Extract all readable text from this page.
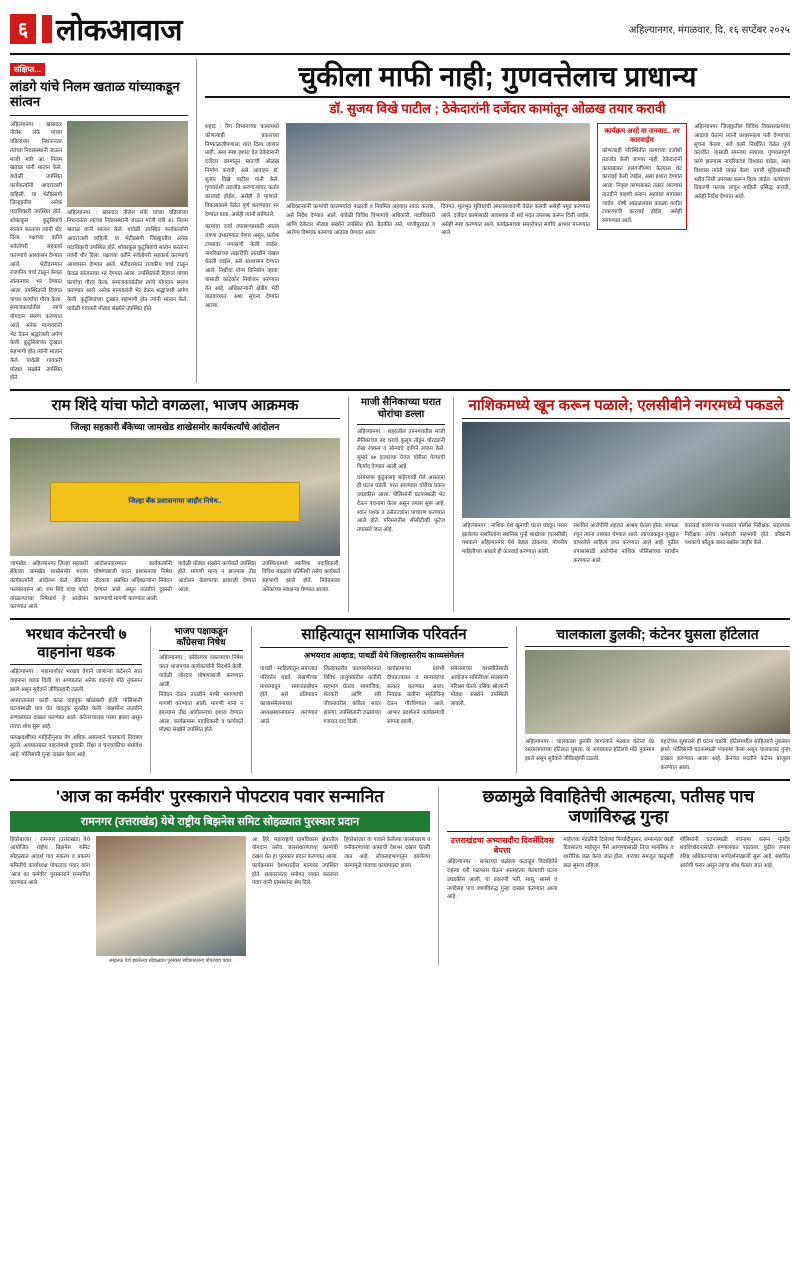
६ लोकआवाज	अहिल्यानगर, मंगळवार, दि. १६ सप्टेंबर २०२५
संक्षिप्त...
लांडगे यांचे निलम खताळ यांच्याकडून सांत्वन
अहिल्यानगर : खासदार नीलेश लंके यांच्या वडिलांच्या निधनानंतर त्यांच्या निवासस्थानी जाऊन माजी मंत्री आ. निलम खताळ यांनी सांत्वन केले. यावेळी उपस्थित कार्यकर्त्यांनी आदरांजली वाहिली. या भेटीप्रसंगी जिल्ह्यातील अनेक पदाधिकारी उपस्थित होते. शोकाकुल कुटुंबियांचे सांत्वन करताना त्यांनी धीर दिला. पक्षाच्या वतीने सर्वतोपरी सहकार्य करण्याचे आश्वासन देण्यात आले. भेटीदरम्यान राजकीय चर्चा टाळून केवळ सांत्वनावर भर देण्यात आला. उपस्थितांनी दिवंगत यांच्या कार्याचा गौरव केला. समाजकार्यातील त्यांचे योगदान स्मरण करण्यात आले. अनेक मान्यवरांनी भेट देऊन श्रद्धांजली अर्पण केली. कुटुंबियांच्या दुःखात सहभागी होत त्यांनी सांत्वन केले. यावेळी गावकरी मोठ्या संख्येने उपस्थित होते.
अहिल्यानगर : खासदार नीलेश लंके यांच्या वडिलांच्या निधनानंतर त्यांच्या निवासस्थानी जाऊन माजी मंत्री आ. निलम खताळ यांनी सांत्वन केले. यावेळी उपस्थित कार्यकर्त्यांनी आदरांजली वाहिली. या भेटीप्रसंगी जिल्ह्यातील अनेक पदाधिकारी उपस्थित होते. शोकाकुल कुटुंबियांचे सांत्वन करताना त्यांनी धीर दिला. पक्षाच्या वतीने सर्वतोपरी सहकार्य करण्याचे आश्वासन देण्यात आले. भेटीदरम्यान राजकीय चर्चा टाळून केवळ सांत्वनावर भर देण्यात आला. उपस्थितांनी दिवंगत यांच्या कार्याचा गौरव केला. समाजकार्यातील त्यांचे योगदान स्मरण करण्यात आले. अनेक मान्यवरांनी भेट देऊन श्रद्धांजली अर्पण केली. कुटुंबियांच्या दुःखात सहभागी होत त्यांनी सांत्वन केले. यावेळी गावकरी मोठ्या संख्येने उपस्थित होते.
चुकीला माफी नाही; गुणवत्तेलाच प्राधान्य
डॉ. सुजय विखे पाटील ; ठेकेदारांनी दर्जेदार कामांतून ओळख तयार करावी
शहाद : रिंग विभागाच्या कामांमध्ये कोणत्याही प्रकारच्या निष्काळजीपणाला थारा दिला जाणार नाही, असा स्पष्ट इशारा देत ठेकेदारांनी दर्जेदार कामांतून स्वतःची ओळख निर्माण करावी, असे आवाहन डॉ. सुजय विखे पाटील यांनी केले. गुणवत्तेशी तडजोड करणाऱ्यांवर कठोर कारवाई होईल, असेही ते म्हणाले. विकासकामे वेळेत पूर्ण करण्यावर भर देण्यात यावा, असेही त्यांनी सांगितले.
कामांचा दर्जा तपासण्यासाठी स्वतंत्र यंत्रणा उभारण्यात येणार असून, प्रत्येक टप्प्यावर तपासणी केली जाईल. नागरिकांच्या तक्रारींची तातडीने दखल घेतली जाईल, असे आश्वासन देण्यात आले. निधीचा योग्य विनियोग व्हावा, यासाठी काटेकोर नियोजन करण्यात येत आहे. अधिकाऱ्यांनी क्षेत्रीय भेटी वाढवाव्यात, अशा सूचना देण्यात आल्या.
अधिकाऱ्यांनी कामांची कालमर्यादा पाळावी व नियमित अहवाल सादर करावा, असे निर्देश देण्यात आले. यावेळी विविध विभागांचे अधिकारी, पदाधिकारी आणि ठेकेदार मोठ्या संख्येने उपस्थित होते. बैठकीत रस्ते, पाणीपुरवठा व आरोग्य विषयक कामांचा आढावा घेण्यात आला.
दिवंगत, मूलभूत सुविधांची अंमलबजावणी वेळेत करावी असेही नमूद करण्यात आले. दर्जेदार कामांसाठी आवश्यक ती सर्व मदत उपलब्ध करून दिली जाईल, असेही स्पष्ट करण्यात आले. कार्यक्रमाच्या समारोपात सर्वांचे आभार मानण्यात आले.
कार्यक्रम असो वा जनवाट.. तर कारवाईच
कोणत्याही परिस्थितीत कामाच्या दर्जाशी तडजोड केली जाणार नाही. ठेकेदारांनी कामाबाबत हलगर्जीपणा केल्यास थेट कारवाई केली जाईल, असा इशारा देण्यात आला. निकृष्ट कामाबाबत तक्रार आल्यास तातडीने पाहणी करून अहवाल मागवला जाईल. दोषी आढळल्यास काळ्या यादीत टाकण्याची कारवाई होईल, असेही सांगण्यात आले.
अहिल्यानगर जिल्ह्यातील विविध विकासकामांचा आढावा घेताना त्यांनी प्रशासनाला गती देण्याच्या सूचना केल्या. सर्व कामे निर्धारित वेळेत पूर्ण करावीत, यासाठी समन्वय साधावा. गुणवत्तापूर्ण कामे झाल्यास नागरिकांचा विश्वास वाढेल, असा विश्वास त्यांनी व्यक्त केला. नागरी सुविधांसाठी भरीव निधी उपलब्ध करून दिला जाईल. कामांच्या ठिकाणी फलक लावून माहिती प्रसिद्ध करावी, असेही निर्देश देण्यात आले.
राम शिंदे यांचा फोटो वगळला, भाजप आक्रमक
जिल्हा सहकारी बँकेच्या जामखेड शाखेसमोर कार्यकर्त्यांचे आंदोलन
जिल्हा बँक प्रशासनाचा जाहीर निषेध..
जामखेड : अहिल्यानगर जिल्हा सहकारी बँकेच्या जामखेड शाखेसमोर भाजप कार्यकर्त्यांनी आंदोलन केले. बँकेच्या फलकावरून आ. राम शिंदे यांचा फोटो वगळल्याच्या निषेधार्थ हे आंदोलन करण्यात आले.
आंदोलनादरम्यान कार्यकर्त्यांनी घोषणाबाजी करत प्रशासनाचा निषेध नोंदवला. संबंधित अधिकाऱ्यांना निवेदन देण्यात आले असून तातडीने दुरुस्ती करण्याची मागणी करण्यात आली.
यावेळी मोठ्या संख्येने कार्यकर्ते उपस्थित होते. मागणी मान्य न झाल्यास तीव्र आंदोलन छेडण्याचा इशाराही देण्यात आला.
उपस्थितांमध्ये स्थानिक पदाधिकारी, विविध मंडळांचे प्रतिनिधी तसेच कार्यकर्ते सहभागी झाले होते. निवेदनावर अनेकांच्या स्वाक्षऱ्या घेण्यात आल्या.
माजी सैनिकाच्या घरात चोरांचा डल्ला
अहिल्यानगर : शहरातील उपनगरातील माजी सैनिकाच्या बंद घराचे कुलूप तोडून चोरट्यांनी रोख रक्कम व सोन्याचे दागिने लंपास केले. सुमारे ७० हजारांचा ऐवज चोरीला गेल्याची फिर्याद देण्यात आली आहे.
घरमालक कुटुंबासह बाहेरगावी गेले असताना ही घटना घडली. परत आल्यावर चोरीचा प्रकार उघडकीस आला. पोलिसांनी घटनास्थळी भेट देऊन पंचनामा केला असून तपास सुरू आहे. श्वान पथक व ठसेतज्ज्ञांना पाचारण करण्यात आले होते. परिसरातील सीसीटीव्ही फुटेज तपासले जात आहे.
नाशिकमध्ये खून करून पळाले; एलसीबीने नगरमध्ये पकडले
अहिल्यानगर : नाशिक येथे खुनाची घटना घडवून पसार झालेल्या संशयितांना स्थानिक गुन्हे शाखेच्या (एलसीबी) पथकाने अहिल्यानगर येथे बेड्या ठोकल्या. गोपनीय माहितीच्या आधारे ही कारवाई करण्यात आली.
संशयित आरोपींनी शहरात आश्रय घेतला होता. सापळा रचून त्यांना ताब्यात घेण्यात आले. त्यांच्याकडून गुन्ह्यात वापरलेले साहित्य जप्त करण्यात आले आहे. पुढील तपासासाठी आरोपींना नाशिक पोलिसांच्या स्वाधीन करण्यात आले.
कारवाई करणाऱ्या पथकात पोलीस निरीक्षक, सहाय्यक निरीक्षक तसेच कर्मचारी सहभागी होते. वरिष्ठांनी पथकाचे कौतुक करत बक्षीस जाहीर केले.
भरधाव कंटेनरची ७ वाहनांना धडक
अहिल्यानगर : महामार्गावर भरधाव वेगाने जाणाऱ्या कंटेनरने सात वाहनांना धडक दिली. या अपघातात अनेक वाहनांचे मोठे नुकसान झाले असून सुदैवाने जीवितहानी टळली.
अपघातानंतर काही काळ वाहतूक खोळंबली होती. पोलिसांनी घटनास्थळी धाव घेत वाहतूक सुरळीत केली. जखमींना तातडीने रुग्णालयात दाखल करण्यात आले. कंटेनरचालक पसार झाला असून त्याचा शोध सुरू आहे.
प्रत्यक्षदर्शींच्या माहितीनुसार वेग अधिक असल्याने चालकाचे नियंत्रण सुटले. अपघातग्रस्त वाहनांमध्ये दुचाकी, रिक्षा व चारचाकींचा समावेश आहे. पोलिसांनी गुन्हा दाखल केला आहे.
भाजप पक्षाकडून काँग्रेसचा निषेध
अहिल्यानगर : काँग्रेसच्या वक्तव्याचा निषेध करत भाजपच्या कार्यकर्त्यांनी निदर्शने केली. यावेळी जोरदार घोषणाबाजी करण्यात आली.
निवेदन देऊन तातडीने माफी मागण्याची मागणी करण्यात आली. मागणी मान्य न झाल्यास तीव्र आंदोलनाचा इशारा देण्यात आला. कार्यक्रमास पदाधिकारी व कार्यकर्ते मोठ्या संख्येने उपस्थित होते.
साहित्यातून सामाजिक परिवर्तन
अभयराव आव्हाड; पाथर्डी येथे जिल्हास्तरीय काव्यसंमेलन
पाथर्डी : साहित्यातून समाजात परिवर्तन घडते. लेखणीच्या माध्यमातून समाजप्रबोधन होते, असे प्रतिपादन काव्यसंमेलनाच्या अध्यक्षस्थानावरून करण्यात आले.
जिल्हास्तरीय काव्यसंमेलनात विविध तालुक्यांतील कवींनी सहभाग घेतला. सामाजिक, शेतकरी आणि स्त्री जीवनावरील कविता सादर झाल्या. उपस्थितांनी टाळ्यांच्या गजरात दाद दिली.
कार्यक्रमाच्या प्रारंभी दीपप्रज्वलन व मान्यवरांचा सत्कार करण्यात आला. निवडक कवींना स्मृतिचिन्ह देऊन गौरविण्यात आले. आभार प्रदर्शनाने कार्यक्रमाची सांगता झाली.
संमेलनाच्या यशस्वीतेसाठी आयोजन समितीच्या सदस्यांनी परिश्रम घेतले. रसिक श्रोत्यांनी मोठ्या संख्येने उपस्थिती लावली.
चालकाला डुलकी; कंटेनर घुसला हॉटेलात
अहिल्यानगर : चालकाला डुलकी लागल्याने भरधाव कंटेनर थेट रस्त्यालगतच्या हॉटेलात घुसला. या अपघातात हॉटेलचे मोठे नुकसान झाले असून सुदैवाने जीवितहानी टळली.
पहाटेच्या सुमारास ही घटना घडली. हॉटेलमधील साहित्याचे नुकसान झाले. पोलिसांनी घटनास्थळी पंचनामा केला असून चालकावर गुन्हा दाखल करण्यात आला आहे. क्रेनच्या मदतीने कंटेनर बाजूला करण्यात आला.
'आज का कर्मवीर' पुरस्काराने पोपटराव पवार सन्मानित
रामनगर (उत्तराखंड) येथे राष्ट्रीय बिझनेस समिट सोहळ्यात पुरस्कार प्रदान
हिवरेबाजार : रामनगर (उत्तराखंड) येथे आयोजित राष्ट्रीय बिझनेस समिट सोहळ्यात आदर्श गाव संकल्प व प्रकल्प समितीचे कार्याध्यक्ष पोपटराव पवार यांना 'आज का कर्मवीर' पुरस्काराने सन्मानित करण्यात आले.
लखनऊ येथे झालेल्या सोहळ्यात पुरस्कार स्वीकारताना पोपटराव पवार.
आ. हिरे, महाराष्ट्राचे ग्रामविकास क्षेत्रातील योगदान तसेच जलसंधारणाच्या कामांची दखल घेत हा पुरस्कार प्रदान करण्यात आला. कार्यक्रमास देशभरातील मान्यवर उपस्थित होते. सत्कारानंतर मनोगत व्यक्त करताना पवार यांनी ग्रामस्थांना श्रेय दिले.
हिवरेबाजार या गावाने केलेल्या जलसंधारण व वनीकरणाच्या कामाची देशभर दखल घेतली जात आहे. लोकसहभागातून झालेल्या कामांमुळे गावाचा कायापालट झाला.
छळामुळे विवाहितेची आत्महत्या, पतीसह पाच जणांविरुद्ध गुन्हा
उत्तराखंडचा अभ्यासदौरा दिवसेंदिवस बेपत्ता
अहिल्यानगर : सासरच्या छळाला कंटाळून विवाहितेने राहत्या घरी गळफास घेऊन आत्महत्या केल्याची घटना उघडकीस आली. या प्रकरणी पती, सासू, सासरे व नणंदेसह पाच जणांविरुद्ध गुन्हा दाखल करण्यात आला आहे.
माहेरच्या मंडळींनी दिलेल्या फिर्यादीनुसार, लग्नानंतर काही दिवसांतच माहेरहून पैसे आणण्यासाठी तिचा मानसिक व शारीरिक छळ केला जात होता. वारंवार समजूत काढूनही छळ सुरूच राहिला.
पोलिसांनी घटनास्थळी पंचनामा करून मृतदेह शवविच्छेदनासाठी रुग्णालयात पाठवला. पुढील तपास वरिष्ठ अधिकाऱ्यांच्या मार्गदर्शनाखाली सुरू आहे. संशयित आरोपी फरार असून त्यांचा शोध घेतला जात आहे.
